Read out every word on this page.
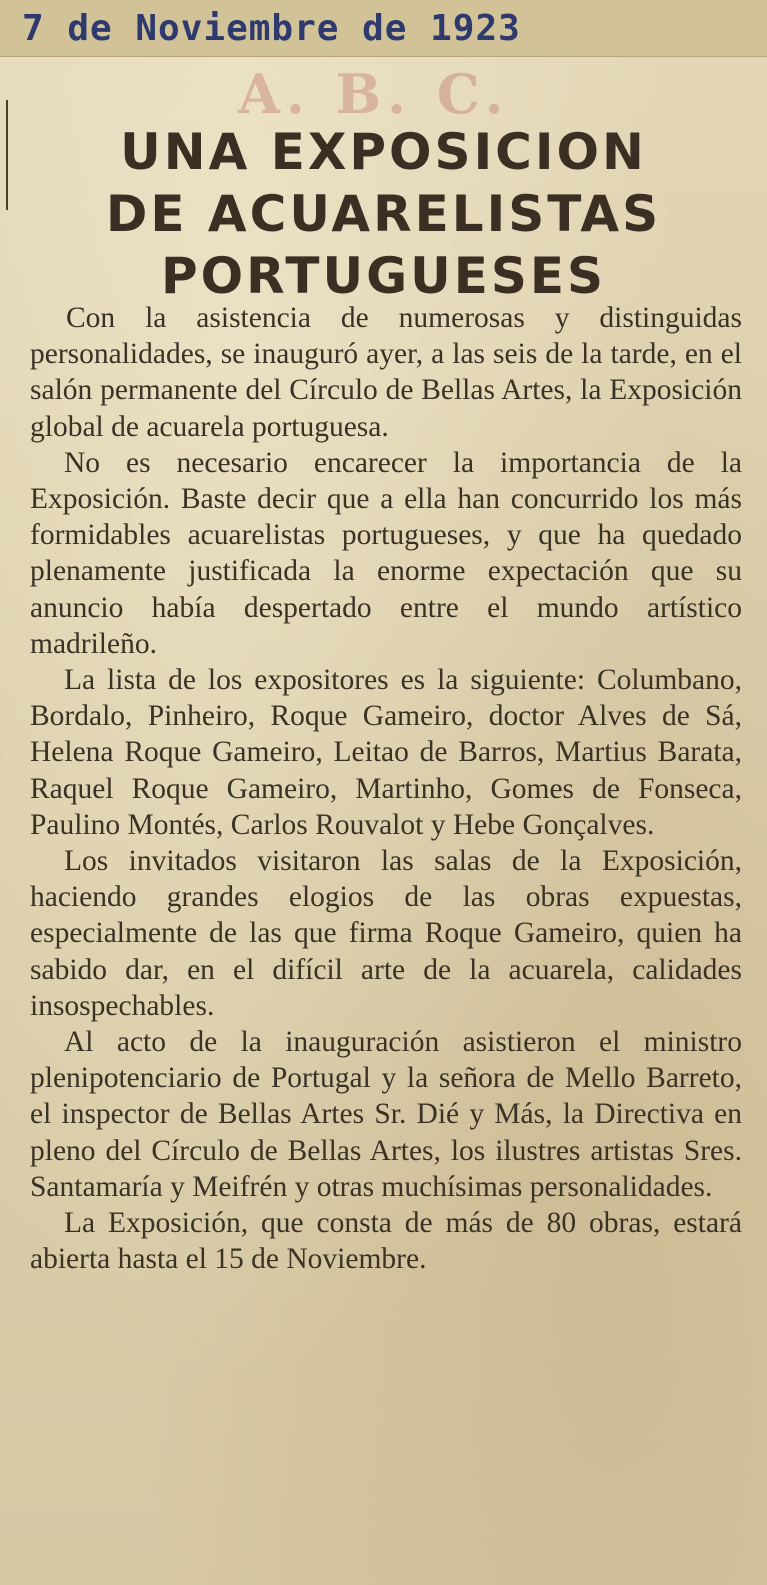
7 de Noviembre de 1923
A. B. C.
UNA EXPOSICION
DE ACUARELISTAS
PORTUGUESES

Con la asistencia de numerosas y distinguidas personalidades, se inauguró ayer, a las seis de la tarde, en el salón permanente del Círculo de Bellas Artes, la Exposición global de acuarela portuguesa.

No es necesario encarecer la importancia de la Exposición. Baste decir que a ella han concurrido los más formidables acuarelistas portugueses, y que ha quedado plenamente justificada la enorme expectación que su anuncio había despertado entre el mundo artístico madrileño.

La lista de los expositores es la siguiente: Columbano, Bordalo, Pinheiro, Roque Gameiro, doctor Alves de Sá, Helena Roque Gameiro, Leitao de Barros, Martius Barata, Raquel Roque Gameiro, Martinho, Gomes de Fonseca, Paulino Montés, Carlos Rouvalot y Hebe Gonçalves.

Los invitados visitaron las salas de la Exposición, haciendo grandes elogios de las obras expuestas, especialmente de las que firma Roque Gameiro, quien ha sabido dar, en el difícil arte de la acuarela, calidades insospechables.

Al acto de la inauguración asistieron el ministro plenipotenciario de Portugal y la señora de Mello Barreto, el inspector de Bellas Artes Sr. Dié y Más, la Directiva en pleno del Círculo de Bellas Artes, los ilustres artistas Sres. Santamaría y Meifrén y otras muchísimas personalidades.

La Exposición, que consta de más de 80 obras, estará abierta hasta el 15 de Noviembre.
